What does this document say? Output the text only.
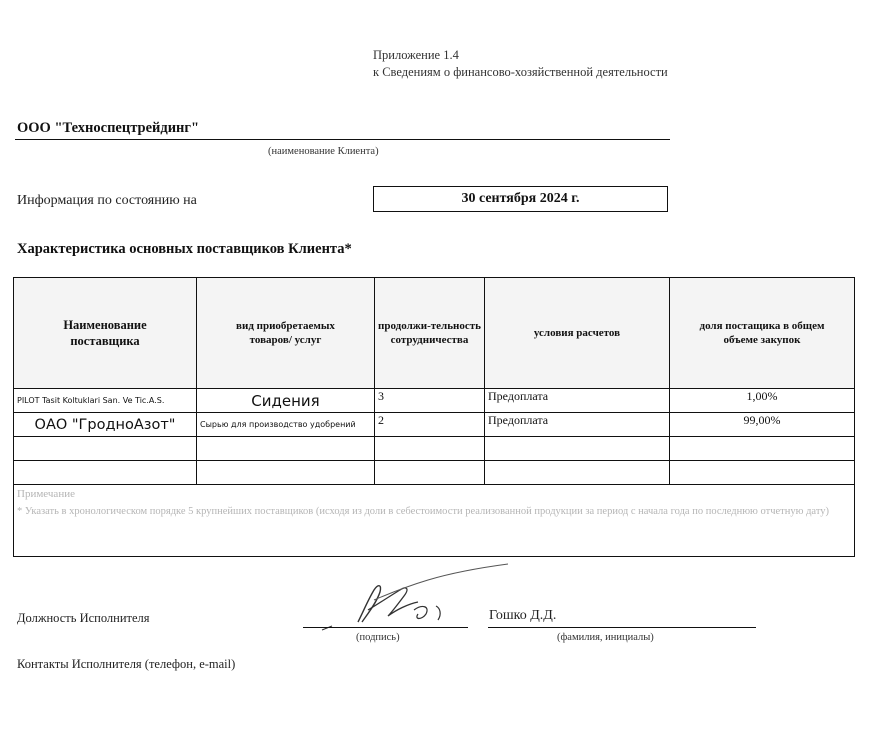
Приложение 1.4
к Сведениям о финансово-хозяйственной деятельности
ООО "Техноспецтрейдинг"
(наименование Клиента)
Информация по состоянию на	30 сентября 2024 г.
Характеристика основных поставщиков Клиента*
Наименование поставщика	вид приобретаемых товаров/ услуг	продолжи-тельность сотрудничества	условия расчетов	доля постащика в общем объеме закупок
PILOT Tasit Koltuklari San. Ve Tic.A.S.	Сидения	3	Предоплата	1,00%
ОАО "ГродноАзот"	Сырью для производство удобрений	2	Предоплата	99,00%

Примечание
* Указать в хронологическом порядке 5 крупнейших поставщиков (исходя из доли в себестоимости реализованной продукции за период с начала года по последнюю отчетную дату)				
Должность Исполнителя
(подпись)
Гошко Д.Д.
(фамилия, инициалы)
Контакты Исполнителя (телефон, e-mail)
